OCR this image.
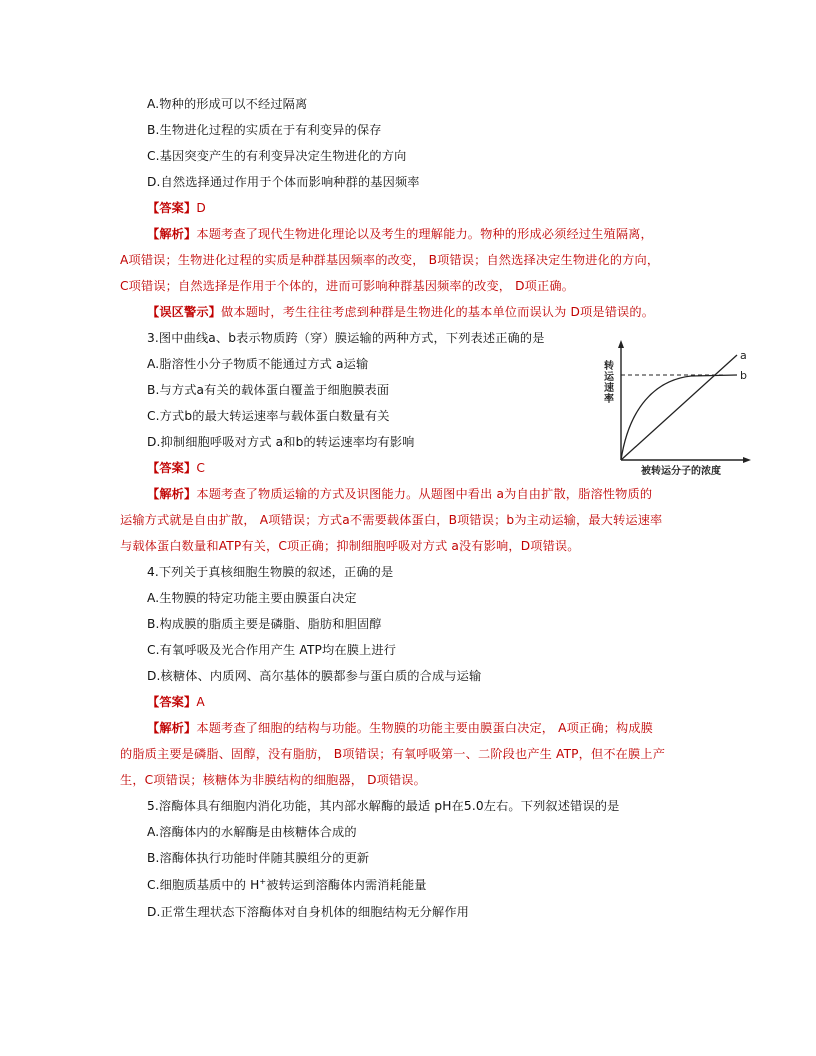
A.物种的形成可以不经过隔离
B.生物进化过程的实质在于有利变异的保存
C.基因突变产生的有利变异决定生物进化的方向
D.自然选择通过作用于个体而影响种群的基因频率
【答案】D
【解析】本题考查了现代生物进化理论以及考生的理解能力。物种的形成必须经过生殖隔离，
A项错误；生物进化过程的实质是种群基因频率的改变， B项错误；自然选择决定生物进化的方向，
C项错误；自然选择是作用于个体的，进而可影响种群基因频率的改变， D项正确。
【误区警示】做本题时，考生往往考虑到种群是生物进化的基本单位而误认为 D项是错误的。
3.图中曲线a、b表示物质跨（穿）膜运输的两种方式，下列表述正确的是
A.脂溶性小分子物质不能通过方式 a运输
B.与方式a有关的载体蛋白覆盖于细胞膜表面
C.方式b的最大转运速率与载体蛋白数量有关
D.抑制细胞呼吸对方式 a和b的转运速率均有影响
a
b
转运速率
被转运分子的浓度
【答案】C
【解析】本题考查了物质运输的方式及识图能力。从题图中看出 a为自由扩散，脂溶性物质的
运输方式就是自由扩散， A项错误；方式a不需要载体蛋白，B项错误；b为主动运输，最大转运速率
与载体蛋白数量和ATP有关，C项正确；抑制细胞呼吸对方式 a没有影响，D项错误。
4.下列关于真核细胞生物膜的叙述，正确的是
A.生物膜的特定功能主要由膜蛋白决定
B.构成膜的脂质主要是磷脂、脂肪和胆固醇
C.有氧呼吸及光合作用产生 ATP均在膜上进行
D.核糖体、内质网、高尔基体的膜都参与蛋白质的合成与运输
【答案】A
【解析】本题考查了细胞的结构与功能。生物膜的功能主要由膜蛋白决定， A项正确；构成膜
的脂质主要是磷脂、固醇，没有脂肪， B项错误；有氧呼吸第一、二阶段也产生 ATP，但不在膜上产
生，C项错误；核糖体为非膜结构的细胞器， D项错误。
5.溶酶体具有细胞内消化功能，其内部水解酶的最适 pH在5.0左右。下列叙述错误的是
A.溶酶体内的水解酶是由核糖体合成的
B.溶酶体执行功能时伴随其膜组分的更新
C.细胞质基质中的 H+被转运到溶酶体内需消耗能量
D.正常生理状态下溶酶体对自身机体的细胞结构无分解作用
